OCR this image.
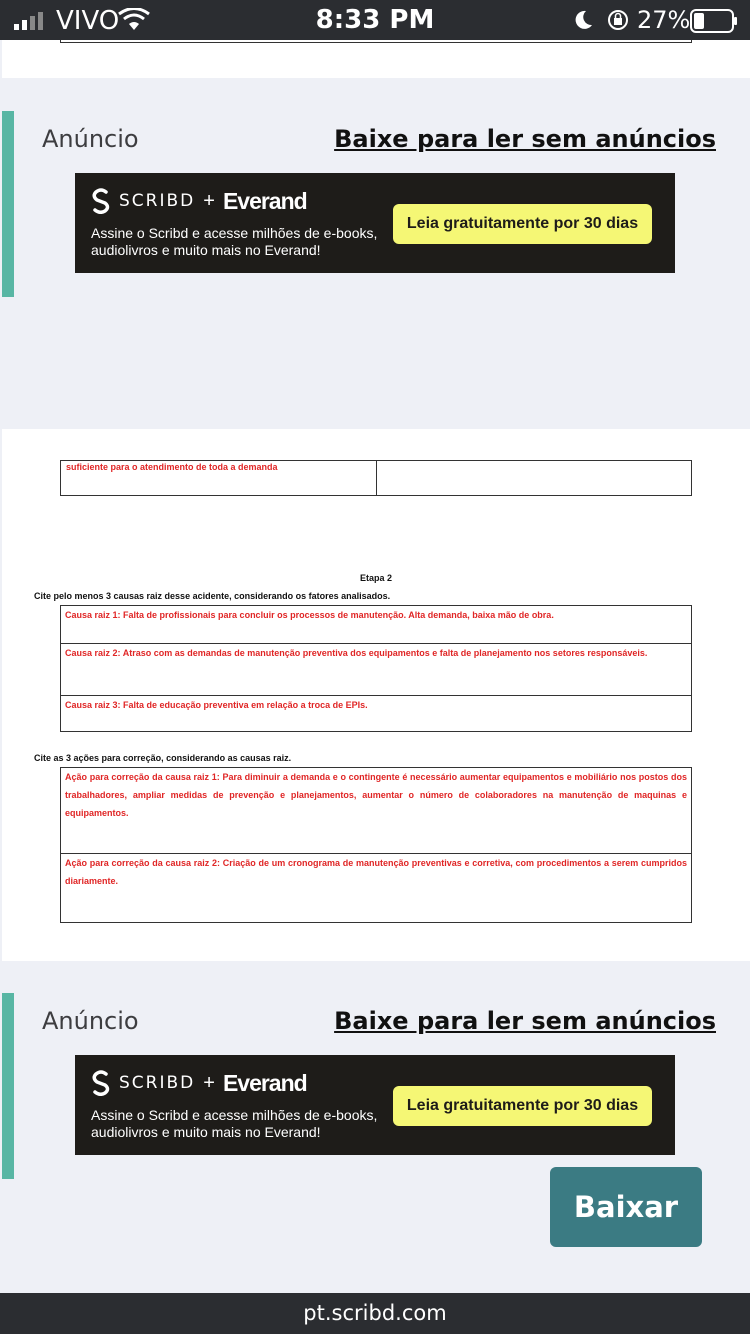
VIVO	8:33 PM	27%
Anúncio	Baixe para ler sem anúncios
SCRIBD + Everand
Assine o Scribd e acesse milhões de e-books, audiolivros e muito mais no Everand!
Leia gratuitamente por 30 dias
suficiente para o atendimento de toda a demanda
Etapa 2
Cite pelo menos 3 causas raiz desse acidente, considerando os fatores analisados.
Causa raiz 1: Falta de profissionais para concluir os processos de manutenção. Alta demanda, baixa mão de obra.
Causa raiz 2: Atraso com as demandas de manutenção preventiva dos equipamentos e falta de planejamento nos setores responsáveis.
Causa raiz 3: Falta de educação preventiva em relação a troca de EPIs.
Cite as 3 ações para correção, considerando as causas raiz.
Ação para correção da causa raiz 1: Para diminuir a demanda e o contingente é necessário aumentar equipamentos e mobiliário nos postos dos trabalhadores, ampliar medidas de prevenção e planejamentos, aumentar o número de colaboradores na manutenção de maquinas e equipamentos.
Ação para correção da causa raiz 2: Criação de um cronograma de manutenção preventivas e corretiva, com procedimentos a serem cumpridos diariamente.
Anúncio	Baixe para ler sem anúncios
SCRIBD + Everand
Assine o Scribd e acesse milhões de e-books, audiolivros e muito mais no Everand!
Leia gratuitamente por 30 dias
Baixar
pt.scribd.com
